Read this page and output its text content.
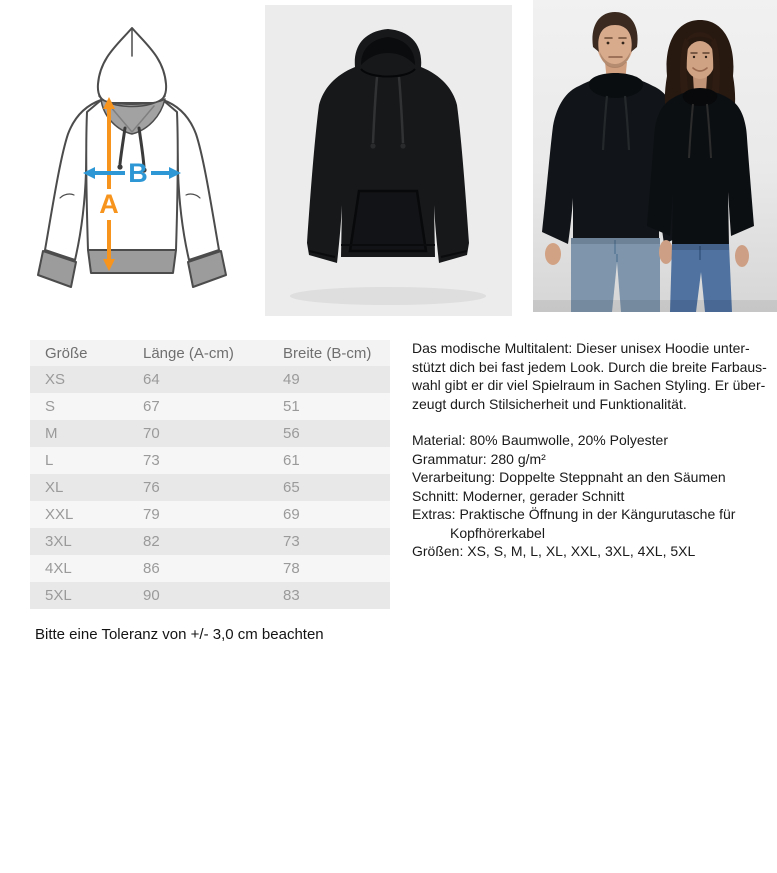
A
B
Größe	Länge (A-cm)	Breite (B-cm)
XS	64	49
S	67	51
M	70	56
L	73	61
XL	76	65
XXL	79	69
3XL	82	73
4XL	86	78
5XL	90	83
Bitte eine Toleranz von +/- 3,0 cm beachten
Das modische Multitalent: Dieser unisex Hoodie unter-
stützt dich bei fast jedem Look. Durch die breite Farbaus-
wahl gibt er dir viel Spielraum in Sachen Styling. Er über-
zeugt durch Stilsicherheit und Funktionalität.
Material: 80% Baumwolle, 20% Polyester
Grammatur: 280 g/m²
Verarbeitung: Doppelte Steppnaht an den Säumen
Schnitt: Moderner, gerader Schnitt
Extras: Praktische Öffnung in der Kängurutasche für
Kopfhörerkabel
Größen: XS, S, M, L, XL, XXL, 3XL, 4XL, 5XL
